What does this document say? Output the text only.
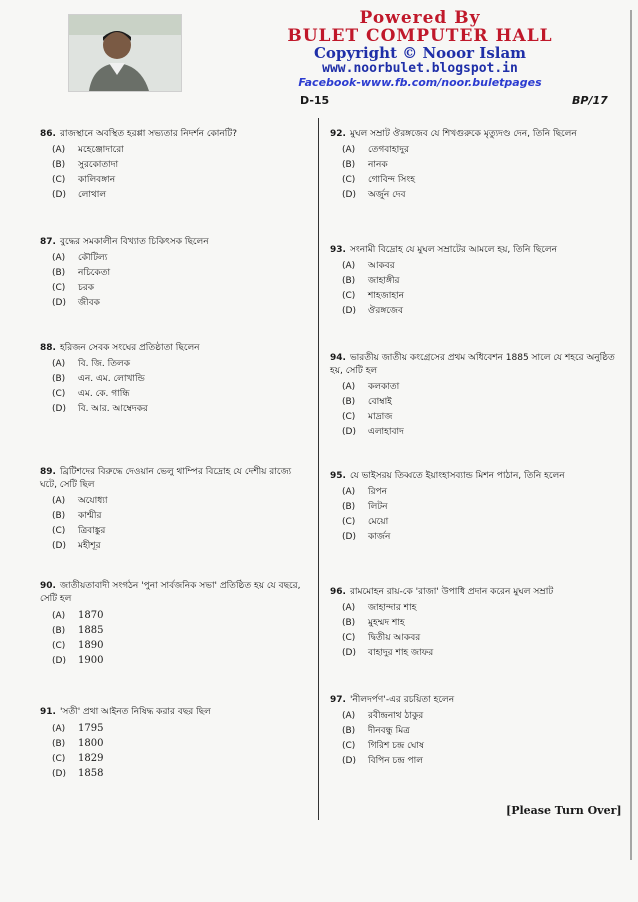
Powered By
BULET COMPUTER HALL
Copyright © Nooor Islam
www.noorbulet.blogspot.in
Facebook-www.fb.com/noor.buletpages
D-15	BP/17
86. রাজস্থানে অবস্থিত হরপ্পা সভ্যতার নিদর্শন কোনটি?
(A) মহেঞ্জোদারো
(B) সুরকোতাদা
(C) কালিবঙ্গান
(D) লোথাল
87. বুদ্ধের সমকালীন বিখ্যাত চিকিৎসক ছিলেন
(A) কৌটিল্য
(B) নচিকেতা
(C) চরক
(D) জীবক
88. হরিজন সেবক সংঘের প্রতিষ্ঠাতা ছিলেন
(A) বি. জি. তিলক
(B) এন. এম. লোখান্ডি
(C) এম. কে. গান্ধি
(D) বি. আর. আম্বেদকর
89. ব্রিটিশদের বিরুদ্ধে দেওয়ান ভেলু থাম্পির বিদ্রোহ যে দেশীয় রাজ্যে ঘটে, সেটি ছিল
(A) অযোধ্যা
(B) কাশ্মীর
(C) ত্রিবাঙ্কুর
(D) মহীশূর
90. জাতীয়তাবাদী সংগঠন 'পুনা সার্বজনিক সভা' প্রতিষ্ঠিত হয় যে বছরে, সেটি হল
(A) 1870
(B) 1885
(C) 1890
(D) 1900
91. 'সতী' প্রথা আইনত নিষিদ্ধ করার বছর ছিল
(A) 1795
(B) 1800
(C) 1829
(D) 1858
92. মুঘল সম্রাট ঔরঙ্গজেব যে শিখগুরুকে মৃত্যুদণ্ড দেন, তিনি ছিলেন
(A) তেগবাহাদুর
(B) নানক
(C) গোবিন্দ সিংহ
(D) অর্জুন দেব
93. সংনামী বিদ্রোহ যে মুঘল সম্রাটের আমলে হয়, তিনি ছিলেন
(A) আকবর
(B) জাহাঙ্গীর
(C) শাহজাহান
(D) ঔরঙ্গজেব
94. ভারতীয় জাতীয় কংগ্রেসের প্রথম অধিবেশন 1885 সালে যে শহরে অনুষ্ঠিত হয়, সেটি হল
(A) কলকাতা
(B) বোম্বাই
(C) মাদ্রাজ
(D) এলাহাবাদ
95. যে ভাইসরয় তিব্বতে ইয়াংহাসব্যান্ড মিশন পাঠান, তিনি হলেন
(A) রিপন
(B) লিটন
(C) মেয়ো
(D) কার্জন
96. রামমোহন রায়-কে 'রাজা' উপাধি প্রদান করেন মুঘল সম্রাট
(A) জাহান্দার শাহ
(B) মুহম্মদ শাহ
(C) দ্বিতীয় আকবর
(D) বাহাদুর শাহ জাফর
97. 'নীলদর্পণ'-এর রচয়িতা হলেন
(A) রবীন্দ্রনাথ ঠাকুর
(B) দীনবন্ধু মিত্র
(C) গিরিশ চন্দ্র ঘোষ
(D) বিপিন চন্দ্র পাল
[Please Turn Over]
